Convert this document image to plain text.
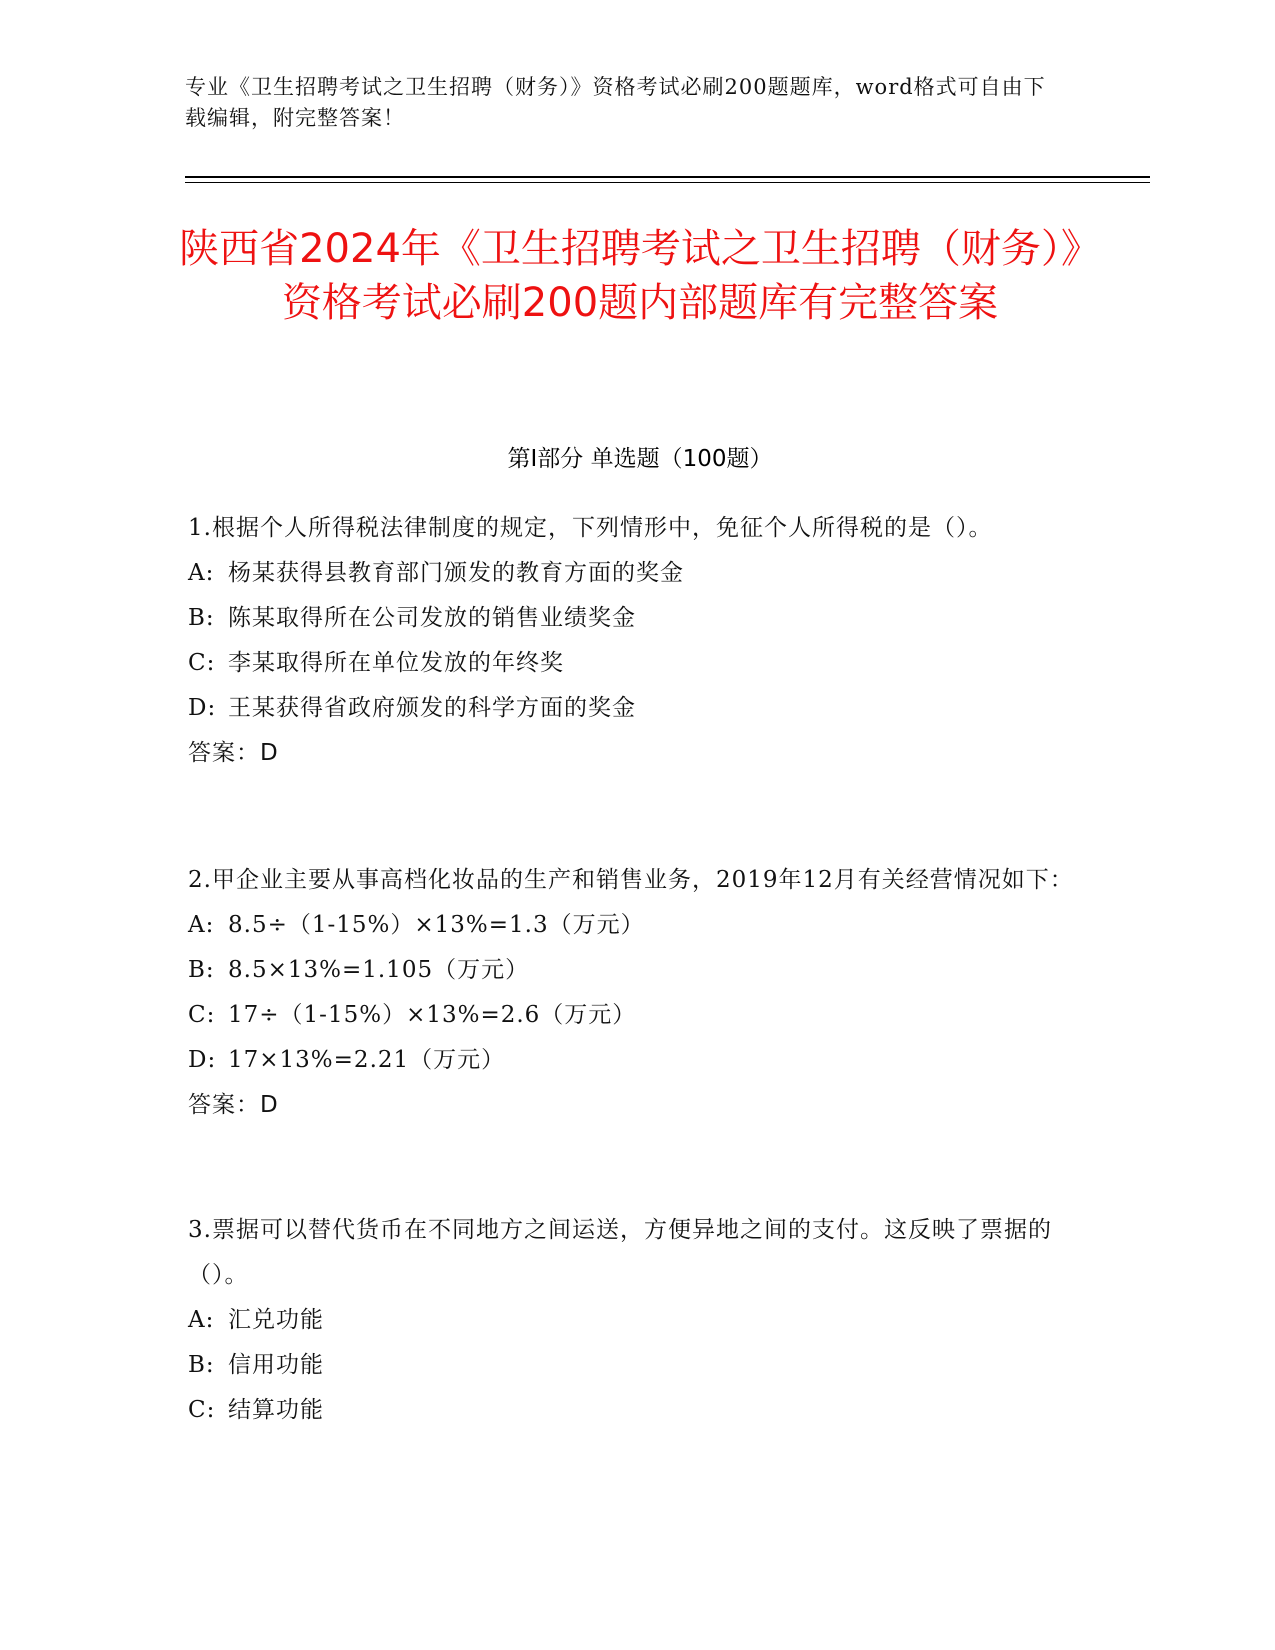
专业《卫生招聘考试之卫生招聘（财务）》资格考试必刷200题题库，word格式可自由下载编辑，附完整答案！
陕西省2024年《卫生招聘考试之卫生招聘（财务）》资格考试必刷200题内部题库有完整答案
第Ⅰ部分 单选题（100题）
1.根据个人所得税法律制度的规定，下列情形中，免征个人所得税的是（）。
A: 杨某获得县教育部门颁发的教育方面的奖金
B: 陈某取得所在公司发放的销售业绩奖金
C: 李某取得所在单位发放的年终奖
D: 王某获得省政府颁发的科学方面的奖金
答案：D
2.甲企业主要从事高档化妆品的生产和销售业务，2019年12月有关经营情况如下：
A: 8.5÷（1-15%）×13%=1.3（万元）
B: 8.5×13%=1.105（万元）
C: 17÷（1-15%）×13%=2.6（万元）
D: 17×13%=2.21（万元）
答案：D
3.票据可以替代货币在不同地方之间运送，方便异地之间的支付。这反映了票据的（）。
A: 汇兑功能
B: 信用功能
C: 结算功能
